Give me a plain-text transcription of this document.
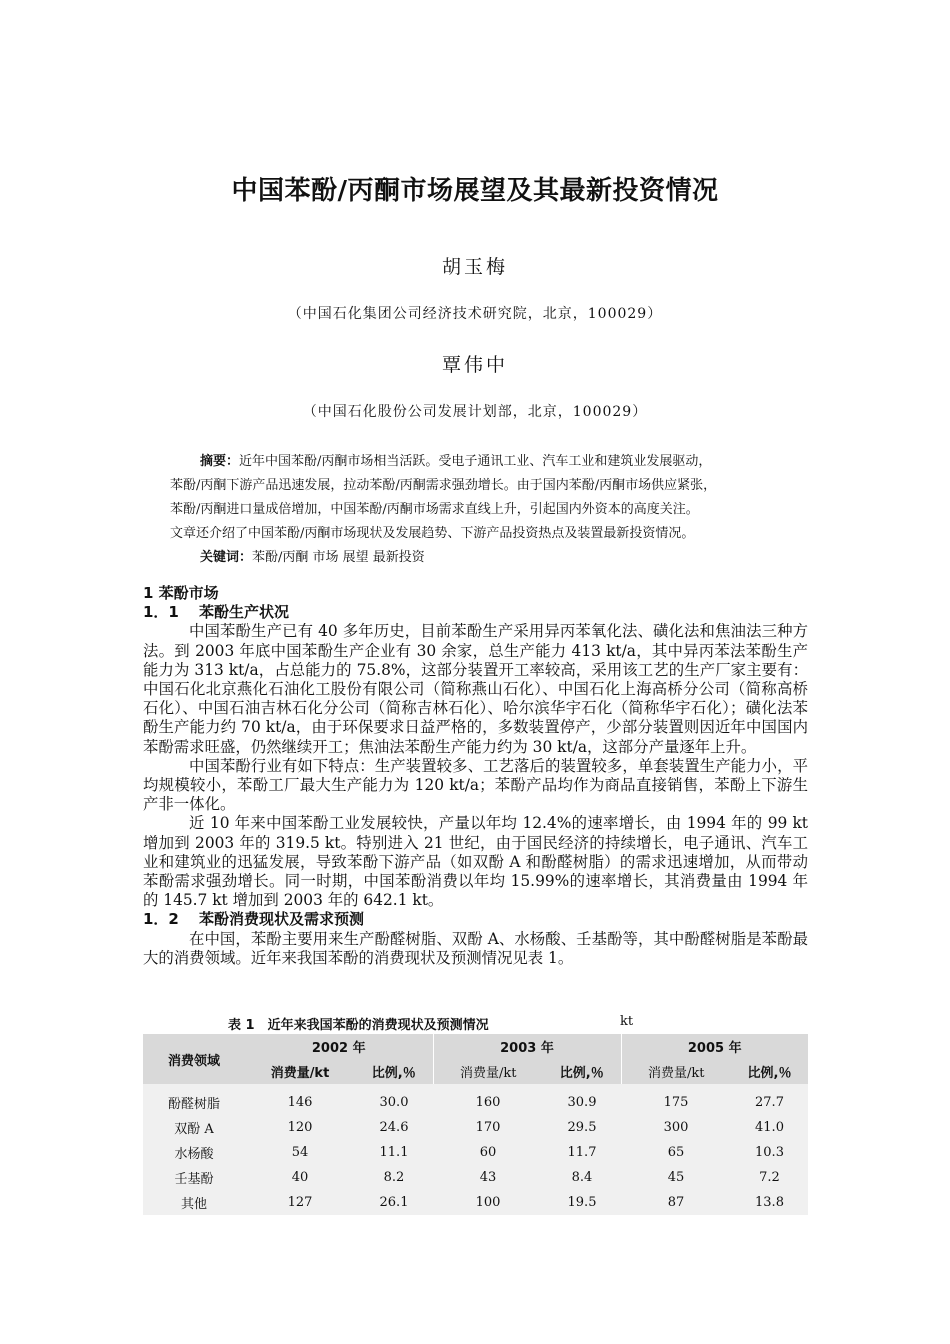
中国苯酚/丙酮市场展望及其最新投资情况
胡玉梅
（中国石化集团公司经济技术研究院，北京，100029）
覃伟中
（中国石化股份公司发展计划部，北京，100029）

摘要：近年中国苯酚/丙酮市场相当活跃。受电子通讯工业、汽车工业和建筑业发展驱动，

苯酚/丙酮下游产品迅速发展，拉动苯酚/丙酮需求强劲增长。由于国内苯酚/丙酮市场供应紧张，

苯酚/丙酮进口量成倍增加，中国苯酚/丙酮市场需求直线上升，引起国内外资本的高度关注。

文章还介绍了中国苯酚/丙酮市场现状及发展趋势、下游产品投资热点及装置最新投资情况。

关键词：苯酚/丙酮 市场 展望 最新投资

1 苯酚市场
1．1 苯酚生产状况

中国苯酚生产已有 40 多年历史，目前苯酚生产采用异丙苯氧化法、磺化法和焦油法三种方法。到 2003 年底中国苯酚生产企业有 30 余家，总生产能力 413 kt/a，其中异丙苯法苯酚生产能力为 313 kt/a，占总能力的 75.8%，这部分装置开工率较高，采用该工艺的生产厂家主要有：中国石化北京燕化石油化工股份有限公司（简称燕山石化）、中国石化上海高桥分公司（简称高桥石化）、中国石油吉林石化分公司（简称吉林石化）、哈尔滨华宇石化（简称华宇石化）；磺化法苯酚生产能力约 70 kt/a，由于环保要求日益严格的，多数装置停产，少部分装置则因近年中国国内苯酚需求旺盛，仍然继续开工；焦油法苯酚生产能力约为 30 kt/a，这部分产量逐年上升。

中国苯酚行业有如下特点：生产装置较多、工艺落后的装置较多，单套装置生产能力小，平均规模较小，苯酚工厂最大生产能力为 120 kt/a；苯酚产品均作为商品直接销售，苯酚上下游生产非一体化。

近 10 年来中国苯酚工业发展较快，产量以年均 12.4%的速率增长，由 1994 年的 99 kt 增加到 2003 年的 319.5 kt。特别进入 21 世纪，由于国民经济的持续增长，电子通讯、汽车工业和建筑业的迅猛发展，导致苯酚下游产品（如双酚 A 和酚醛树脂）的需求迅速增加，从而带动苯酚需求强劲增长。同一时期，中国苯酚消费以年均 15.99%的速率增长，其消费量由 1994 年的 145.7 kt 增加到 2003 年的 642.1 kt。

1．2 苯酚消费现状及需求预测

在中国，苯酚主要用来生产酚醛树脂、双酚 A、水杨酸、壬基酚等，其中酚醛树脂是苯酚最大的消费领域。近年来我国苯酚的消费现状及预测情况见表 1。

表 1　近年来我国苯酚的消费现状及预测情况	kt
消费领域	2002 年		2003 年		2005 年	
	消费量/kt	比例,％	消费量/kt	比例,％	消费量/kt	比例,％
酚醛树脂	146	30.0	160	30.9	175	27.7
双酚 A	120	24.6	170	29.5	300	41.0
水杨酸	54	11.1	60	11.7	65	10.3
壬基酚	40	8.2	43	8.4	45	7.2
其他	127	26.1	100	19.5	87	13.8
